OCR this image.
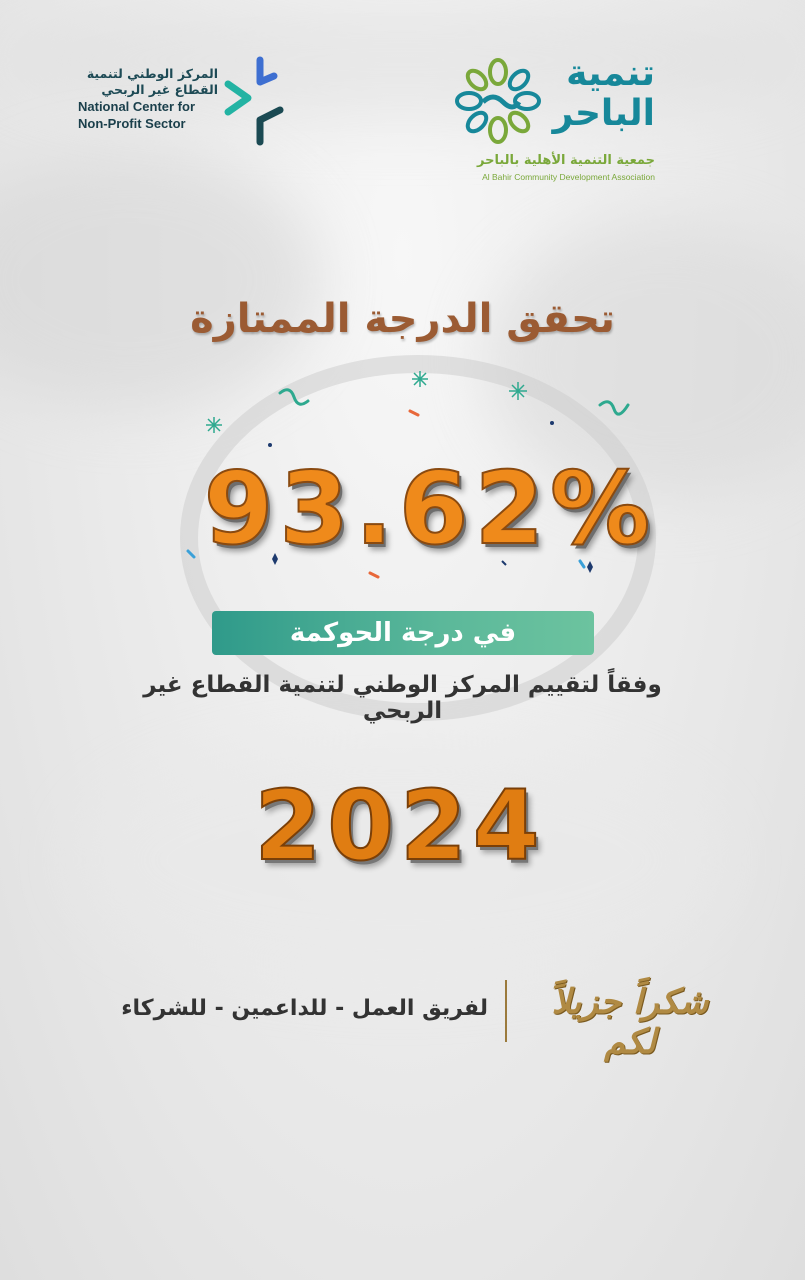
المركز الوطني لتنمية
القطاع غير الربحي
National Center for
Non-Profit Sector
تنمية
الباحر
جمعية التنمية الأهلية بالباحر
Al Bahir Community Development Association
تحقق الدرجة الممتازة
93.62%
في درجة الحوكمة
وفقاً لتقييم المركز الوطني لتنمية القطاع غير الربحي
2024
شكراً جزيلاً لكم
لفريق العمل - للداعمين - للشركاء
